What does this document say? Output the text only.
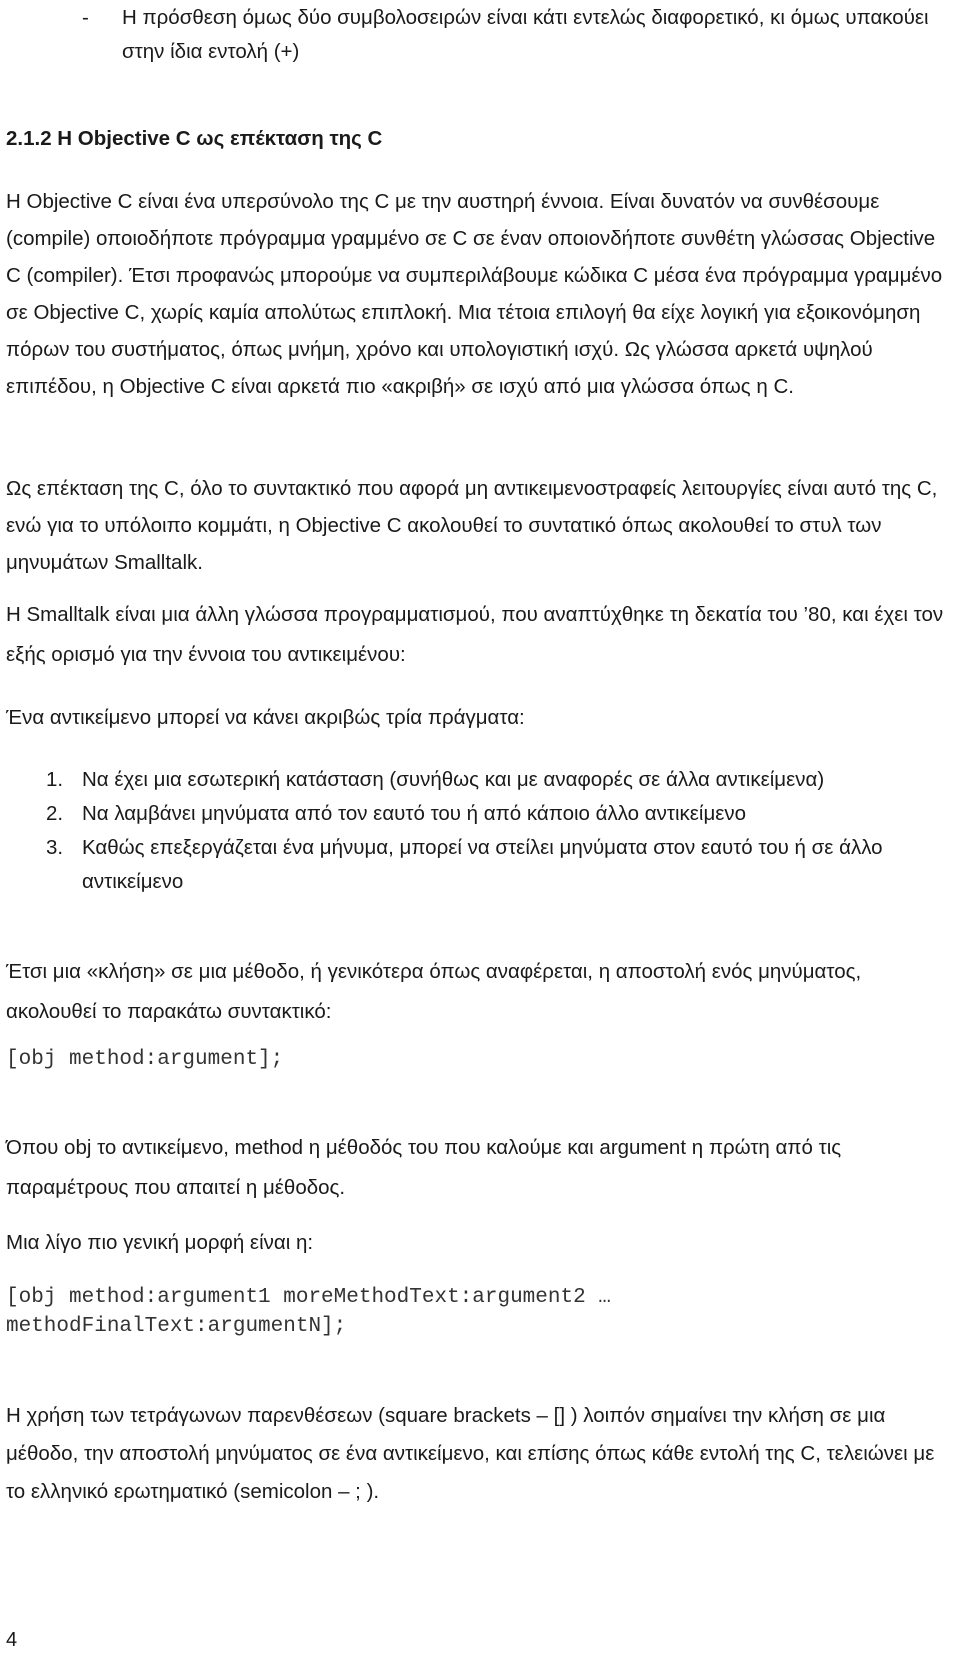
- Η πρόσθεση όμως δύο συμβολοσειρών είναι κάτι εντελώς διαφορετικό, κι όμως υπακούει στην ίδια εντολή (+)
2.1.2 Η Objective C ως επέκταση της C

Η Objective C είναι ένα υπερσύνολο της C με την αυστηρή έννοια. Είναι δυνατόν να συνθέσουμε (compile) οποιοδήποτε πρόγραμμα γραμμένο σε C σε έναν οποιονδήποτε συνθέτη γλώσσας Objective C (compiler). Έτσι προφανώς μπορούμε να συμπεριλάβουμε κώδικα C μέσα ένα πρόγραμμα γραμμένο σε Objective C, χωρίς καμία απολύτως επιπλοκή. Μια τέτοια επιλογή θα είχε λογική για εξοικονόμηση πόρων του συστήματος, όπως μνήμη, χρόνο και υπολογιστική ισχύ. Ως γλώσσα αρκετά υψηλού επιπέδου, η Objective C είναι αρκετά πιο «ακριβή» σε ισχύ από μια γλώσσα όπως η C.

Ως επέκταση της C, όλο το συντακτικό που αφορά μη αντικειμενοστραφείς λειτουργίες είναι αυτό της C, ενώ για το υπόλοιπο κομμάτι, η Objective C ακολουθεί το συντατικό όπως ακολουθεί το στυλ των μηνυμάτων Smalltalk.

Η Smalltalk είναι μια άλλη γλώσσα προγραμματισμού, που αναπτύχθηκε τη δεκατία του ’80, και έχει τον εξής ορισμό για την έννοια του αντικειμένου:

Ένα αντικείμενο μπορεί να κάνει ακριβώς τρία πράγματα:

1. Να έχει μια εσωτερική κατάσταση (συνήθως και με αναφορές σε άλλα αντικείμενα)
2. Να λαμβάνει μηνύματα από τον εαυτό του ή από κάποιο άλλο αντικείμενο
3. Καθώς επεξεργάζεται ένα μήνυμα, μπορεί να στείλει μηνύματα στον εαυτό του ή σε άλλο αντικείμενο

Έτσι μια «κλήση» σε μια μέθοδο, ή γενικότερα όπως αναφέρεται, η αποστολή ενός μηνύματος, ακολουθεί το παρακάτω συντακτικό:

[obj method:argument];

Όπου obj το αντικείμενο, method η μέθοδός του που καλούμε και argument η πρώτη από τις παραμέτρους που απαιτεί η μέθοδος.

Μια λίγο πιο γενική μορφή είναι η:

[obj method:argument1 moreMethodText:argument2 … methodFinalText:argumentN];

Η χρήση των τετράγωνων παρενθέσεων (square brackets – [] ) λοιπόν σημαίνει την κλήση σε μια μέθοδο, την αποστολή μηνύματος σε ένα αντικείμενο, και επίσης όπως κάθε εντολή της C, τελειώνει με το ελληνικό ερωτηματικό (semicolon – ; ).

4
